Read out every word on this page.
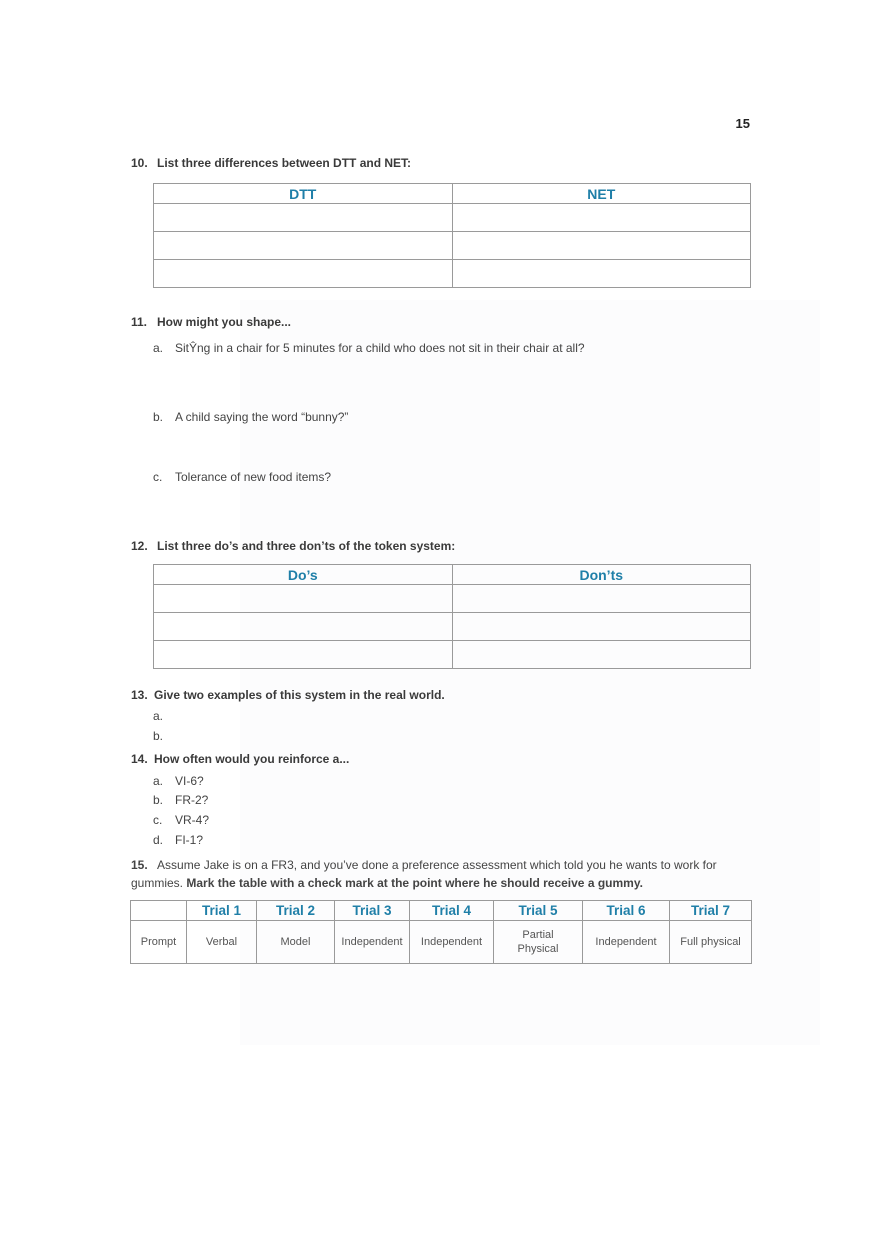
15
10. List three differences between DTT and NET:
DTT	NET

11. How might you shape...
a. SitŶng in a chair for 5 minutes for a child who does not sit in their chair at all?
b. A child saying the word “bunny?”
c. Tolerance of new food items?
12. List three do’s and three don’ts of the token system:
Do’s	Don’ts

13. Give two examples of this system in the real world.
a.
b.
14. How often would you reinforce a...
a. VI-6?
b. FR-2?
c. VR-4?
d. FI-1?
15. Assume Jake is on a FR3, and you’ve done a preference assessment which told you he wants to work for gummies. Mark the table with a check mark at the point where he should receive a gummy.
	Trial 1	Trial 2	Trial 3	Trial 4	Trial 5	Trial 6	Trial 7
Prompt	Verbal	Model	Independent	Independent	Partial Physical	Independent	Full physical
